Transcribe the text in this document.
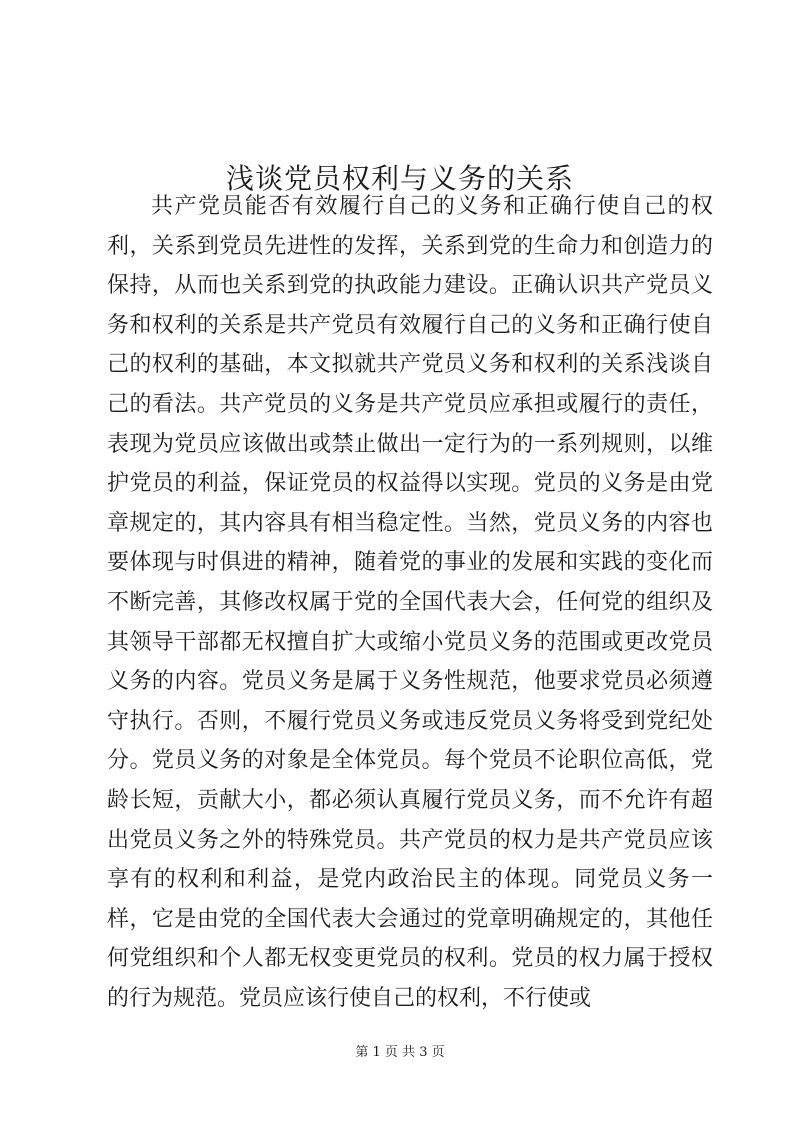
浅谈党员权利与义务的关系

共产党员能否有效履行自己的义务和正确行使自己的权利，关系到党员先进性的发挥，关系到党的生命力和创造力的保持，从而也关系到党的执政能力建设。正确认识共产党员义务和权利的关系是共产党员有效履行自己的义务和正确行使自己的权利的基础，本文拟就共产党员义务和权利的关系浅谈自己的看法。共产党员的义务是共产党员应承担或履行的责任，表现为党员应该做出或禁止做出一定行为的一系列规则，以维护党员的利益，保证党员的权益得以实现。党员的义务是由党章规定的，其内容具有相当稳定性。当然，党员义务的内容也要体现与时俱进的精神，随着党的事业的发展和实践的变化而不断完善，其修改权属于党的全国代表大会，任何党的组织及其领导干部都无权擅自扩大或缩小党员义务的范围或更改党员义务的内容。党员义务是属于义务性规范，他要求党员必须遵守执行。否则，不履行党员义务或违反党员义务将受到党纪处分。党员义务的对象是全体党员。每个党员不论职位高低，党龄长短，贡献大小，都必须认真履行党员义务，而不允许有超出党员义务之外的特殊党员。共产党员的权力是共产党员应该享有的权利和利益，是党内政治民主的体现。同党员义务一样，它是由党的全国代表大会通过的党章明确规定的，其他任何党组织和个人都无权变更党员的权利。党员的权力属于授权的行为规范。党员应该行使自己的权利，不行使或

第 1 页 共 3 页
